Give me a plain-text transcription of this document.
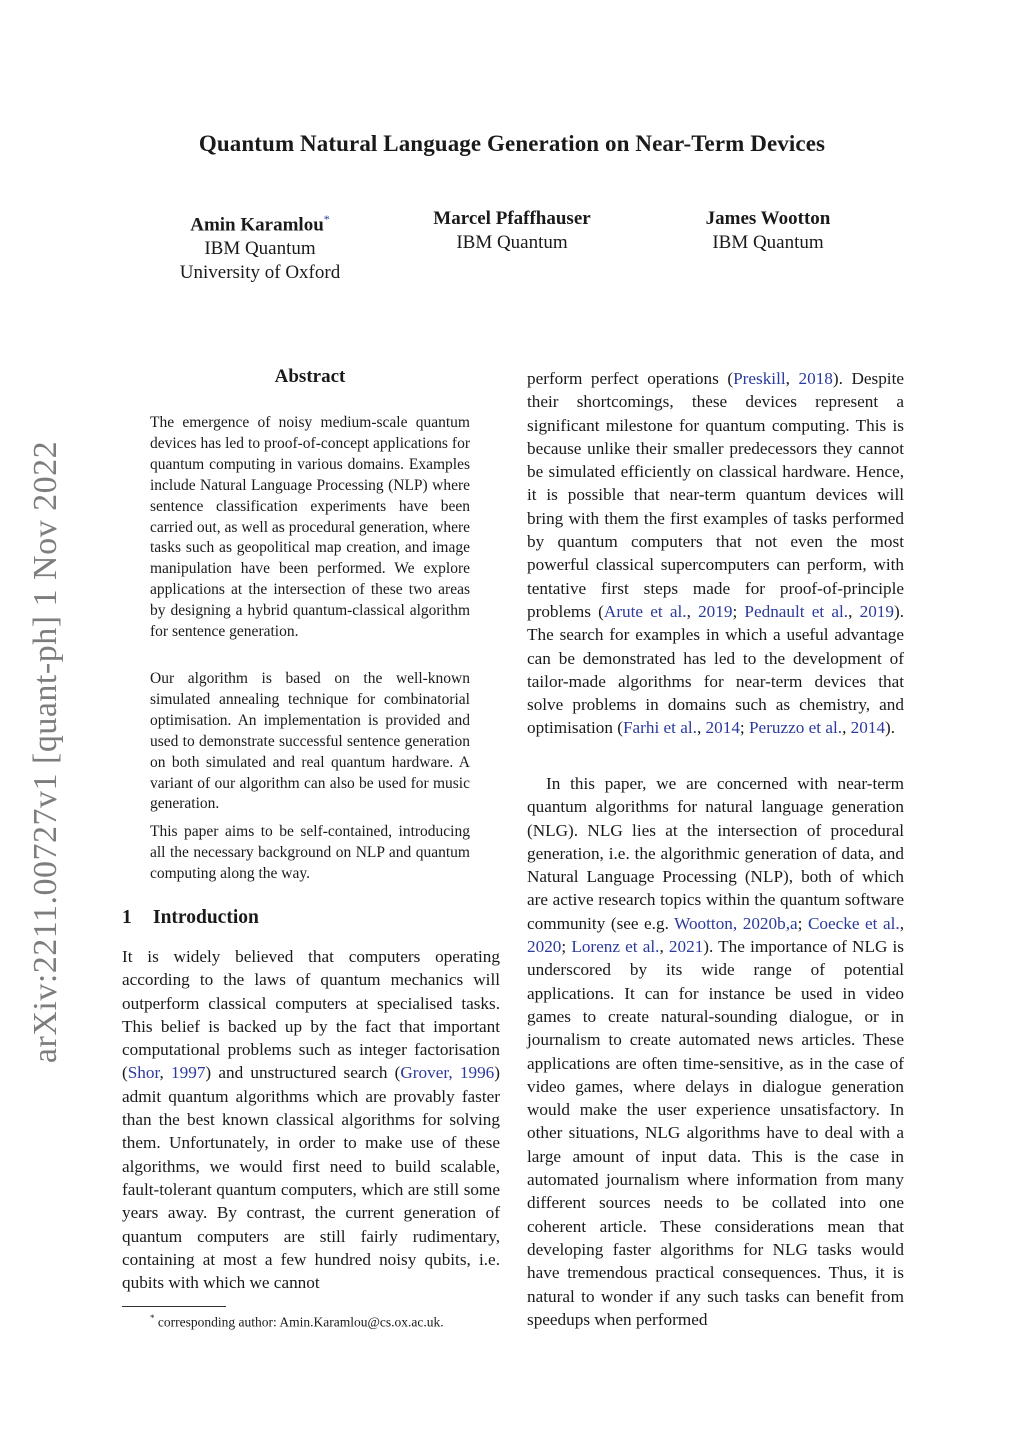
arXiv:2211.00727v1 [quant-ph] 1 Nov 2022
Quantum Natural Language Generation on Near-Term Devices
Amin Karamlou*
IBM Quantum
University of Oxford
Marcel Pfaffhauser
IBM Quantum
James Wootton
IBM Quantum
Abstract

The emergence of noisy medium-scale quantum devices has led to proof-of-concept applications for quantum computing in various domains. Examples include Natural Language Processing (NLP) where sentence classification experiments have been carried out, as well as procedural generation, where tasks such as geopolitical map creation, and image manipulation have been performed. We explore applications at the intersection of these two areas by designing a hybrid quantum-classical algorithm for sentence generation.

Our algorithm is based on the well-known simulated annealing technique for combinatorial optimisation. An implementation is provided and used to demonstrate successful sentence generation on both simulated and real quantum hardware. A variant of our algorithm can also be used for music generation.

This paper aims to be self-contained, introducing all the necessary background on NLP and quantum computing along the way.

1 Introduction

It is widely believed that computers operating according to the laws of quantum mechanics will outperform classical computers at specialised tasks. This belief is backed up by the fact that important computational problems such as integer factorisation (Shor, 1997) and unstructured search (Grover, 1996) admit quantum algorithms which are provably faster than the best known classical algorithms for solving them. Unfortunately, in order to make use of these algorithms, we would first need to build scalable, fault-tolerant quantum computers, which are still some years away. By contrast, the current generation of quantum computers are still fairly rudimentary, containing at most a few hundred noisy qubits, i.e. qubits with which we cannot

perform perfect operations (Preskill, 2018). Despite their shortcomings, these devices represent a significant milestone for quantum computing. This is because unlike their smaller predecessors they cannot be simulated efficiently on classical hardware. Hence, it is possible that near-term quantum devices will bring with them the first examples of tasks performed by quantum computers that not even the most powerful classical supercomputers can perform, with tentative first steps made for proof-of-principle problems (Arute et al., 2019; Pednault et al., 2019). The search for examples in which a useful advantage can be demonstrated has led to the development of tailor-made algorithms for near-term devices that solve problems in domains such as chemistry, and optimisation (Farhi et al., 2014; Peruzzo et al., 2014).

In this paper, we are concerned with near-term quantum algorithms for natural language generation (NLG). NLG lies at the intersection of procedural generation, i.e. the algorithmic generation of data, and Natural Language Processing (NLP), both of which are active research topics within the quantum software community (see e.g. Wootton, 2020b,a; Coecke et al., 2020; Lorenz et al., 2021). The importance of NLG is underscored by its wide range of potential applications. It can for instance be used in video games to create natural-sounding dialogue, or in journalism to create automated news articles. These applications are often time-sensitive, as in the case of video games, where delays in dialogue generation would make the user experience unsatisfactory. In other situations, NLG algorithms have to deal with a large amount of input data. This is the case in automated journalism where information from many different sources needs to be collated into one coherent article. These considerations mean that developing faster algorithms for NLG tasks would have tremendous practical consequences. Thus, it is natural to wonder if any such tasks can benefit from speedups when performed

* corresponding author: Amin.Karamlou@cs.ox.ac.uk.
